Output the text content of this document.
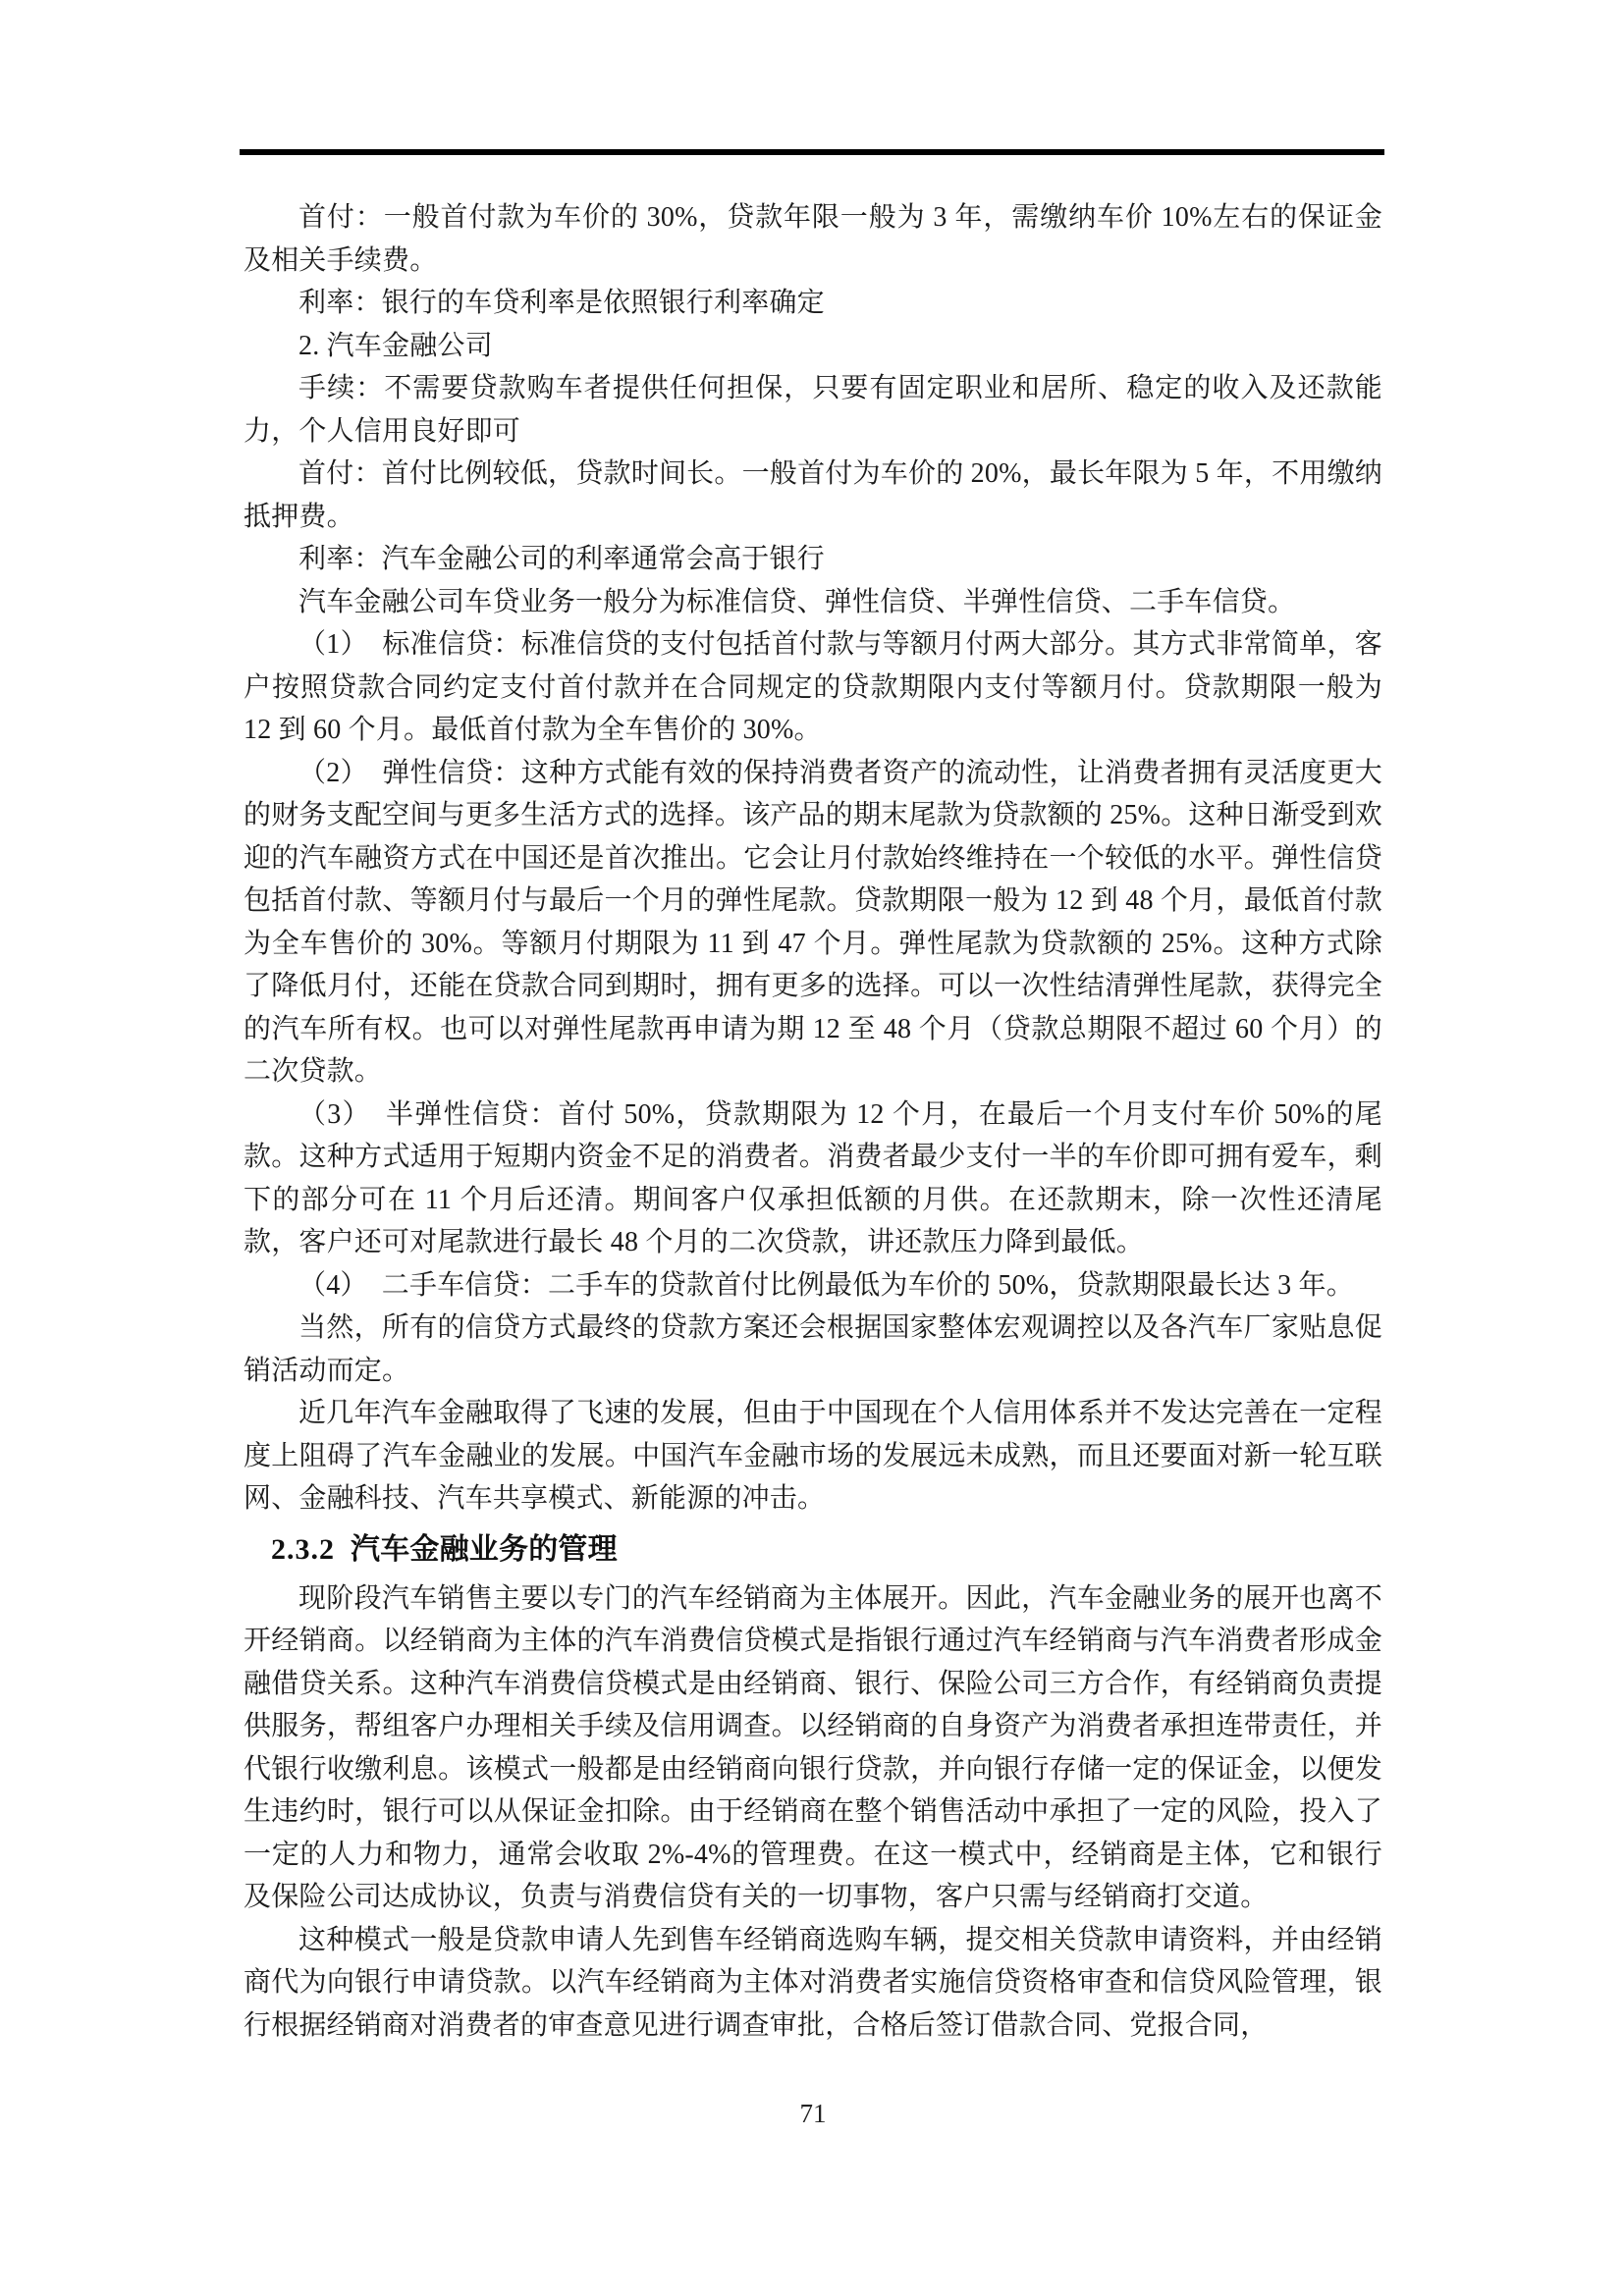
首付：一般首付款为车价的 30%，贷款年限一般为 3 年，需缴纳车价 10%左右的保证金及相关手续费。

利率：银行的车贷利率是依照银行利率确定

2. 汽车金融公司

手续：不需要贷款购车者提供任何担保，只要有固定职业和居所、稳定的收入及还款能力，个人信用良好即可

首付：首付比例较低，贷款时间长。一般首付为车价的 20%，最长年限为 5 年，不用缴纳抵押费。

利率：汽车金融公司的利率通常会高于银行

汽车金融公司车贷业务一般分为标准信贷、弹性信贷、半弹性信贷、二手车信贷。

（1）　标准信贷：标准信贷的支付包括首付款与等额月付两大部分。其方式非常简单，客户按照贷款合同约定支付首付款并在合同规定的贷款期限内支付等额月付。贷款期限一般为 12 到 60 个月。最低首付款为全车售价的 30%。

（2）　弹性信贷：这种方式能有效的保持消费者资产的流动性，让消费者拥有灵活度更大的财务支配空间与更多生活方式的选择。该产品的期末尾款为贷款额的 25%。这种日渐受到欢迎的汽车融资方式在中国还是首次推出。它会让月付款始终维持在一个较低的水平。弹性信贷包括首付款、等额月付与最后一个月的弹性尾款。贷款期限一般为 12 到 48 个月，最低首付款为全车售价的 30%。等额月付期限为 11 到 47 个月。弹性尾款为贷款额的 25%。这种方式除了降低月付，还能在贷款合同到期时，拥有更多的选择。可以一次性结清弹性尾款，获得完全的汽车所有权。也可以对弹性尾款再申请为期 12 至 48 个月（贷款总期限不超过 60 个月）的二次贷款。

（3）　半弹性信贷：首付 50%，贷款期限为 12 个月，在最后一个月支付车价 50%的尾款。这种方式适用于短期内资金不足的消费者。消费者最少支付一半的车价即可拥有爱车，剩下的部分可在 11 个月后还清。期间客户仅承担低额的月供。在还款期末，除一次性还清尾款，客户还可对尾款进行最长 48 个月的二次贷款，讲还款压力降到最低。

（4）　二手车信贷：二手车的贷款首付比例最低为车价的 50%，贷款期限最长达 3 年。

当然，所有的信贷方式最终的贷款方案还会根据国家整体宏观调控以及各汽车厂家贴息促销活动而定。

近几年汽车金融取得了飞速的发展，但由于中国现在个人信用体系并不发达完善在一定程度上阻碍了汽车金融业的发展。中国汽车金融市场的发展远未成熟，而且还要面对新一轮互联网、金融科技、汽车共享模式、新能源的冲击。

2.3.2 汽车金融业务的管理

现阶段汽车销售主要以专门的汽车经销商为主体展开。因此，汽车金融业务的展开也离不开经销商。以经销商为主体的汽车消费信贷模式是指银行通过汽车经销商与汽车消费者形成金融借贷关系。这种汽车消费信贷模式是由经销商、银行、保险公司三方合作，有经销商负责提供服务，帮组客户办理相关手续及信用调查。以经销商的自身资产为消费者承担连带责任，并代银行收缴利息。该模式一般都是由经销商向银行贷款，并向银行存储一定的保证金，以便发生违约时，银行可以从保证金扣除。由于经销商在整个销售活动中承担了一定的风险，投入了一定的人力和物力，通常会收取 2%-4%的管理费。在这一模式中，经销商是主体，它和银行及保险公司达成协议，负责与消费信贷有关的一切事物，客户只需与经销商打交道。

这种模式一般是贷款申请人先到售车经销商选购车辆，提交相关贷款申请资料，并由经销商代为向银行申请贷款。以汽车经销商为主体对消费者实施信贷资格审查和信贷风险管理，银行根据经销商对消费者的审查意见进行调查审批，合格后签订借款合同、党报合同，

71
